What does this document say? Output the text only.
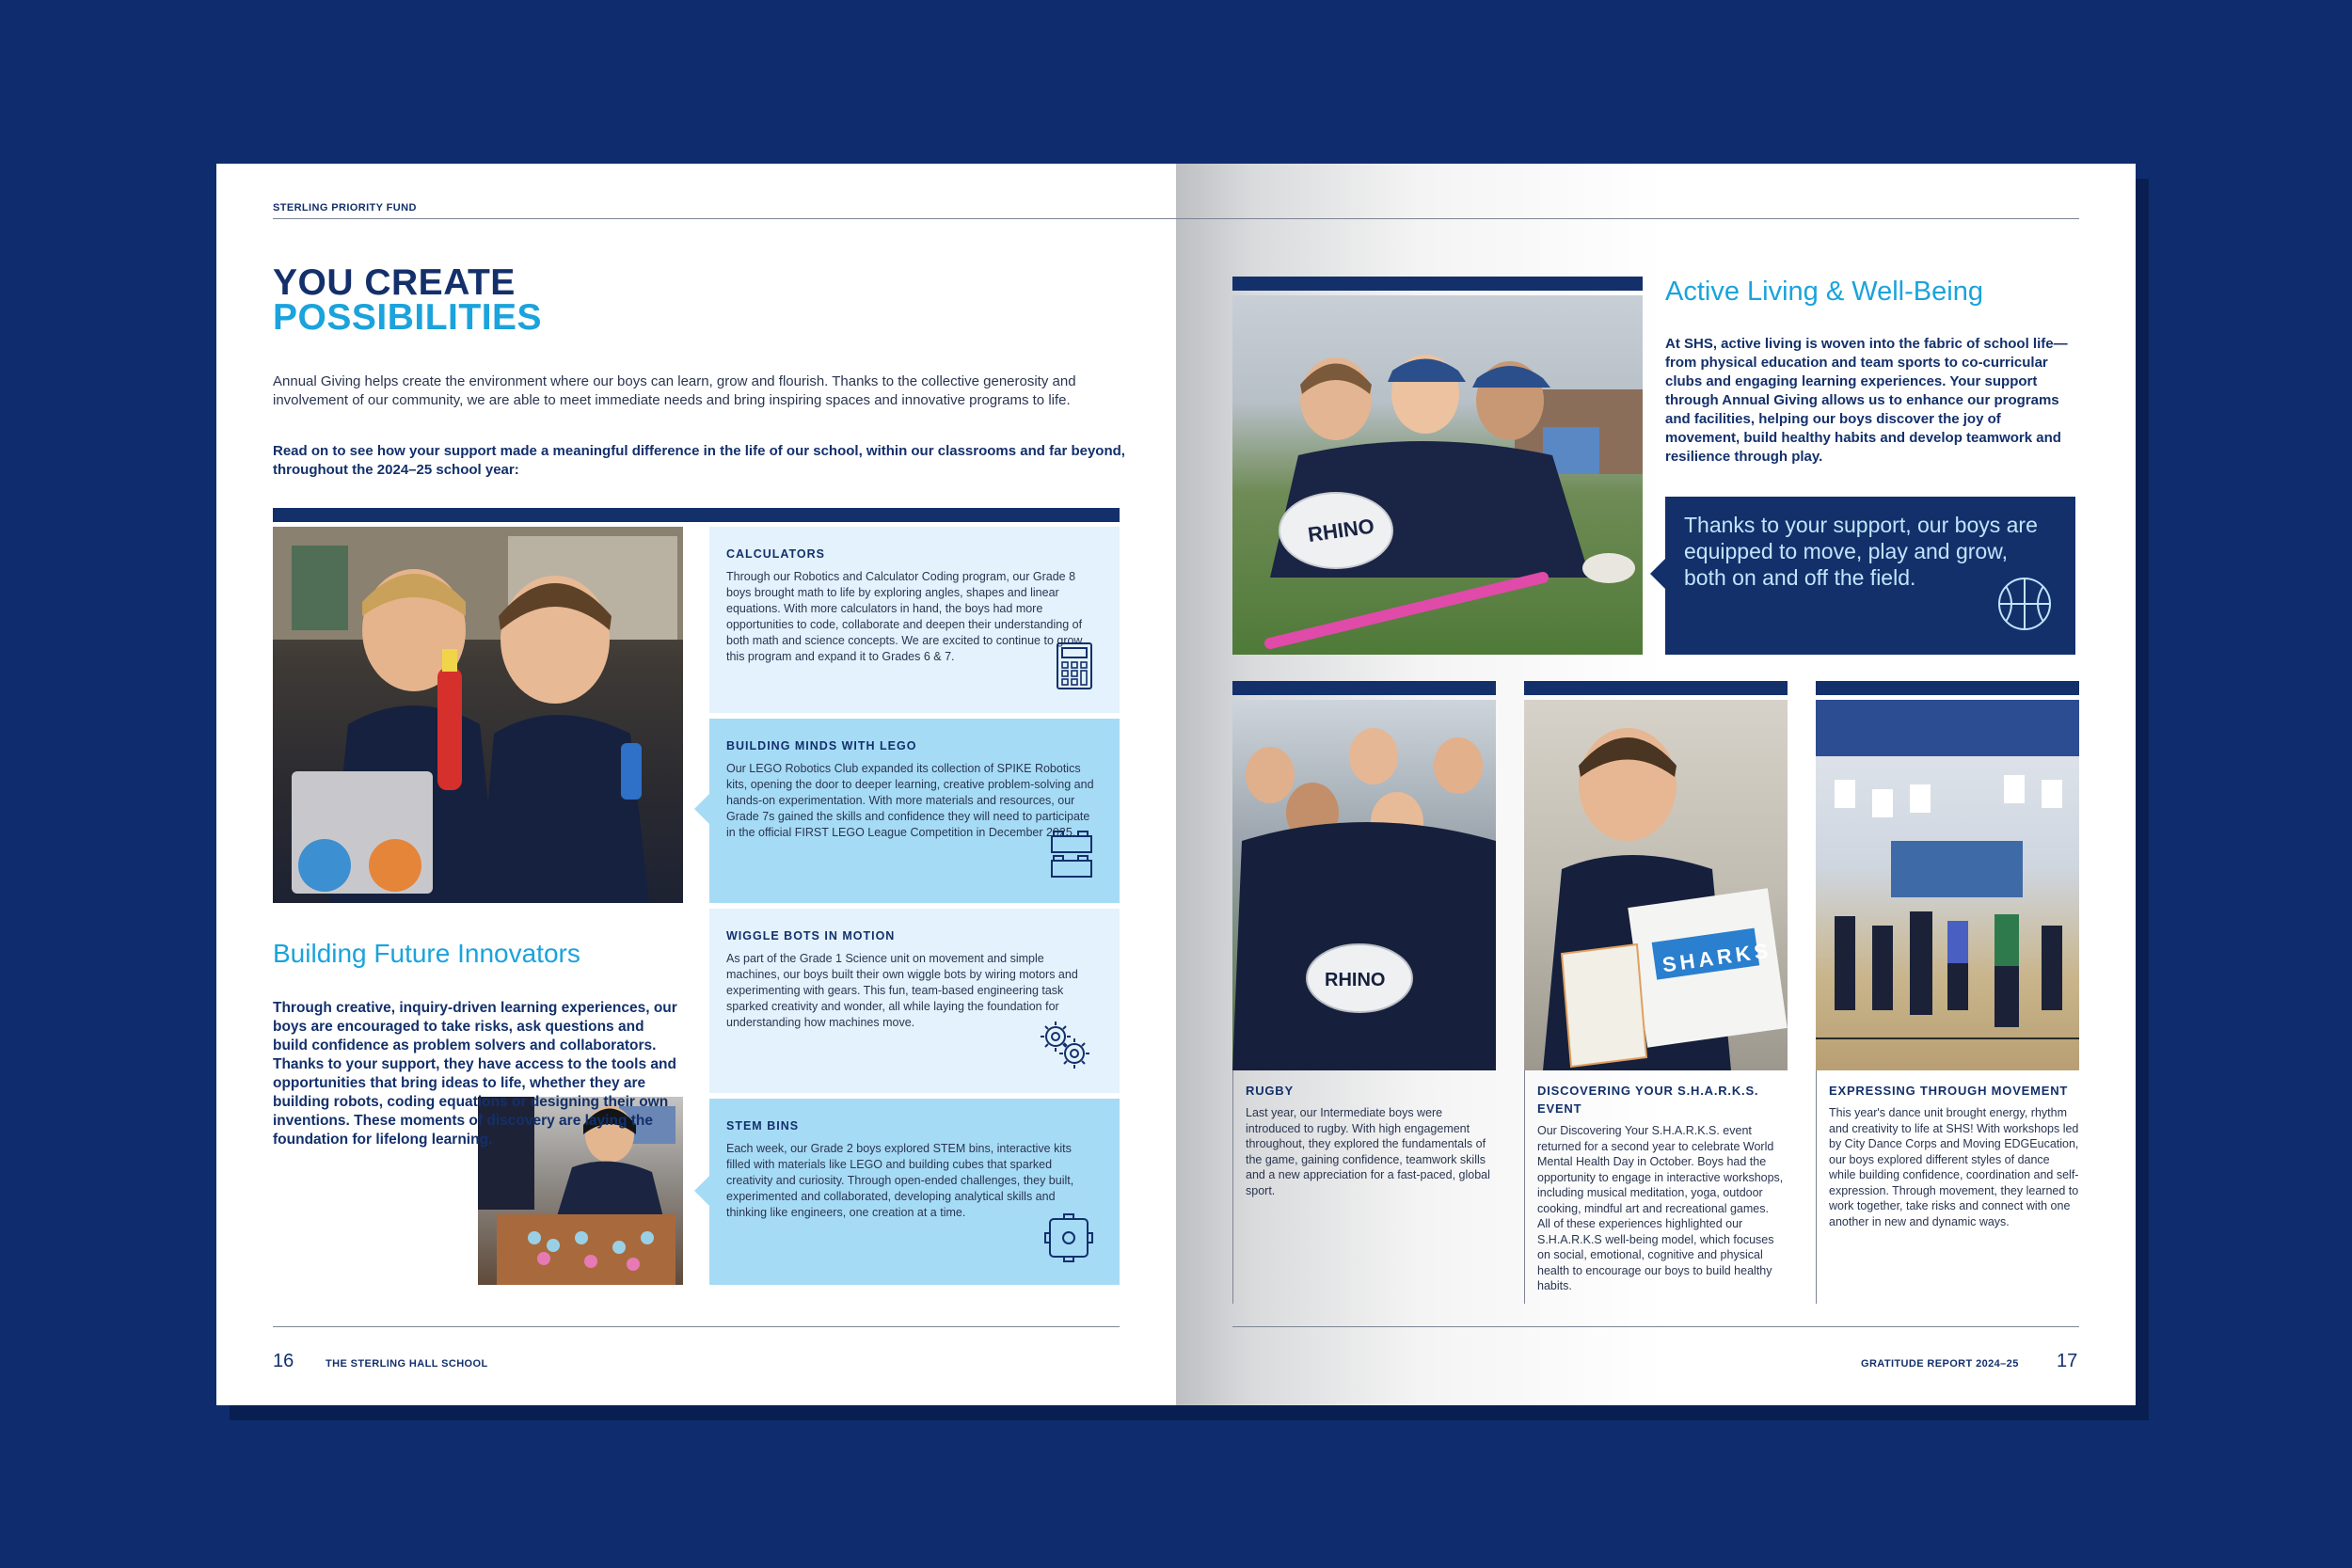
STERLING PRIORITY FUND
YOU CREATE
POSSIBILITIES

Annual Giving helps create the environment where our boys can learn, grow and flourish. Thanks to the collective generosity and involvement of our community, we are able to meet immediate needs and bring inspiring spaces and innovative programs to life.

Read on to see how your support made a meaningful difference in the life of our school, within our classrooms and far beyond, throughout the 2024–25 school year:

CALCULATORS

Through our Robotics and Calculator Coding program, our Grade 8 boys brought math to life by exploring angles, shapes and linear equations. With more calculators in hand, the boys had more opportunities to code, collaborate and deepen their understanding of both math and science concepts. We are excited to continue to grow this program and expand it to Grades 6 & 7.

BUILDING MINDS WITH LEGO

Our LEGO Robotics Club expanded its collection of SPIKE Robotics kits, opening the door to deeper learning, creative problem-solving and hands-on experimentation. With more materials and resources, our Grade 7s gained the skills and confidence they will need to participate in the official FIRST LEGO League Competition in December 2025.

WIGGLE BOTS IN MOTION

As part of the Grade 1 Science unit on movement and simple machines, our boys built their own wiggle bots by wiring motors and experimenting with gears. This fun, team-based engineering task sparked creativity and wonder, all while laying the foundation for understanding how machines move.

STEM BINS

Each week, our Grade 2 boys explored STEM bins, interactive kits filled with materials like LEGO and building cubes that sparked creativity and curiosity. Through open-ended challenges, they built, experimented and collaborated, developing analytical skills and thinking like engineers, one creation at a time.

Building Future Innovators

Through creative, inquiry-driven learning experiences, our boys are encouraged to take risks, ask questions and build confidence as problem solvers and collaborators. Thanks to your support, they have access to the tools and opportunities that bring ideas to life, whether they are building robots, coding equations or designing their own inventions. These moments of discovery are laying the foundation for lifelong learning.

16	THE STERLING HALL SCHOOL
RHINO
Active Living & Well-Being

At SHS, active living is woven into the fabric of school life—from physical education and team sports to co-curricular clubs and engaging learning experiences. Your support through Annual Giving allows us to enhance our programs and facilities, helping our boys discover the joy of movement, build healthy habits and develop teamwork and resilience through play.

Thanks to your support, our boys are equipped to move, play and grow, both on and off the field.

RHINO
SHARKS
RUGBY

Last year, our Intermediate boys were introduced to rugby. With high engagement throughout, they explored the fundamentals of the game, gaining confidence, teamwork skills and a new appreciation for a fast-paced, global sport.

DISCOVERING YOUR S.H.A.R.K.S. EVENT

Our Discovering Your S.H.A.R.K.S. event returned for a second year to celebrate World Mental Health Day in October. Boys had the opportunity to engage in interactive workshops, including musical meditation, yoga, outdoor cooking, mindful art and recreational games. All of these experiences highlighted our S.H.A.R.K.S well-being model, which focuses on social, emotional, cognitive and physical health to encourage our boys to build healthy habits.

EXPRESSING THROUGH MOVEMENT

This year's dance unit brought energy, rhythm and creativity to life at SHS! With workshops led by City Dance Corps and Moving EDGEucation, our boys explored different styles of dance while building confidence, coordination and self-expression. Through movement, they learned to work together, take risks and connect with one another in new and dynamic ways.

GRATITUDE REPORT 2024–25 17
